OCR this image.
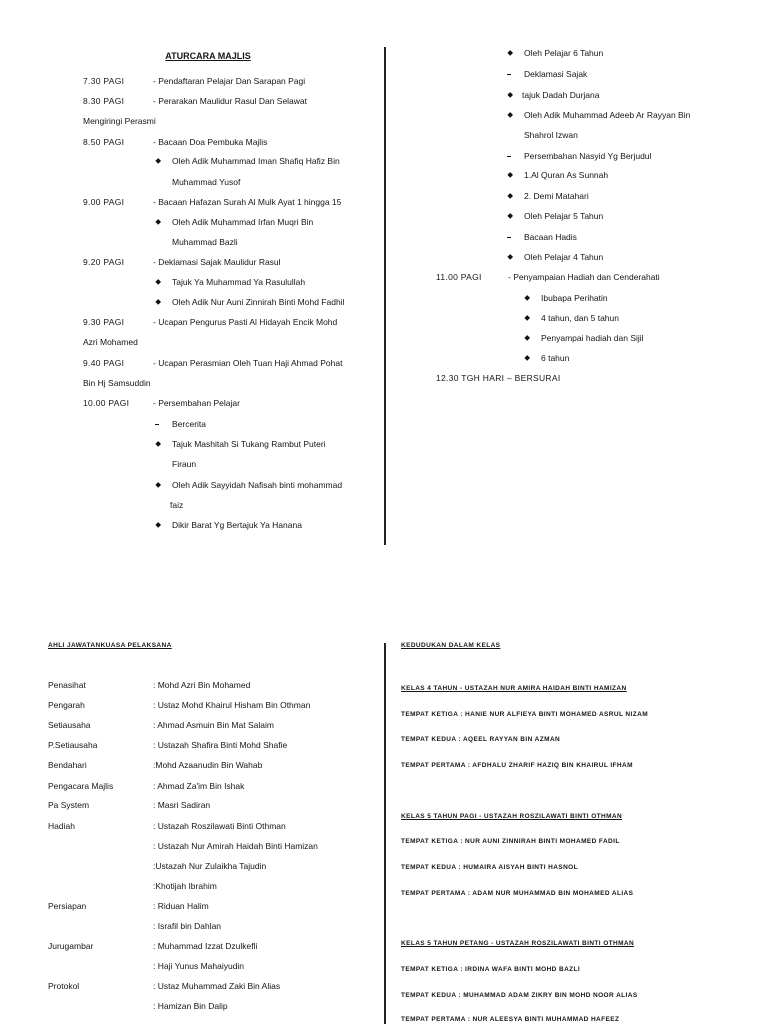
ATURCARA MAJLIS
7.30 PAGI	- Pendaftaran Pelajar Dan Sarapan Pagi
8.30 PAGI	- Perarakan Maulidur Rasul Dan Selawat
Mengiringi Perasmi
8.50 PAGI	- Bacaan Doa Pembuka Majlis
Oleh Adik Muhammad Iman Shafiq Hafiz Bin
Muhammad Yusof
9.00 PAGI	- Bacaan Hafazan Surah Al Mulk Ayat 1 hingga 15
Oleh Adik Muhammad Irfan Muqri Bin
Muhammad Bazli
9.20 PAGI	- Deklamasi Sajak Maulidur Rasul
Tajuk Ya Muhammad Ya Rasulullah
Oleh Adik Nur Auni Zinnirah Binti Mohd Fadhil
9.30 PAGI	- Ucapan Pengurus Pasti Al Hidayah Encik Mohd
Azri Mohamed
9.40 PAGI	- Ucapan Perasmian Oleh Tuan Haji Ahmad Pohat
Bin Hj Samsuddin
10.00 PAGI	- Persembahan Pelajar
Bercerita
Tajuk Mashitah Si Tukang Rambut Puteri
Firaun
Oleh Adik Sayyidah Nafisah binti mohammad
faiz
Dikir Barat Yg Bertajuk Ya Hanana
Oleh Pelajar 6 Tahun
Deklamasi Sajak
tajuk Dadah Durjana
Oleh Adik Muhammad Adeeb Ar Rayyan Bin
Shahrol Izwan
Persembahan Nasyid Yg Berjudul
1.Al Quran As Sunnah
2. Demi Matahari
Oleh Pelajar 5 Tahun
Bacaan Hadis
Oleh Pelajar 4 Tahun
11.00 PAGI	- Penyampaian Hadiah dan Cenderahati
Ibubapa Perihatin
4 tahun, dan 5 tahun
Penyampai hadiah dan Sijil
6 tahun
12.30 TGH HARI – BERSURAI
AHLI JAWATANKUASA PELAKSANA
Penasihat	: Mohd Azri Bin Mohamed
Pengarah	: Ustaz Mohd Khairul Hisham Bin Othman
Setiausaha	: Ahmad Asmuin Bin Mat Salaim
P.Setiausaha	: Ustazah Shafira Binti Mohd Shafie
Bendahari	:Mohd Azaanudin Bin Wahab
Pengacara Majlis	: Ahmad Za'im Bin Ishak
Pa System	: Masri Sadiran
Hadiah	: Ustazah Roszilawati Binti Othman
: Ustazah Nur Amirah Haidah Binti Hamizan
:Ustazah Nur Zulaikha Tajudin
:Khotijah Ibrahim
Persiapan	: Riduan Halim
: Israfil bin Dahlan
Jurugambar	: Muhammad Izzat Dzulkefli
: Haji Yunus Mahaiyudin
Protokol	: Ustaz Muhammad Zaki Bin Alias
: Hamizan Bin Dalip
KEDUDUKAN DALAM KELAS
KELAS 4 TAHUN - USTAZAH NUR AMIRA HAIDAH BINTI HAMIZAN
TEMPAT KETIGA : HANIE NUR ALFIEYA BINTI MOHAMED ASRUL NIZAM
TEMPAT KEDUA : AQEEL RAYYAN BIN AZMAN
TEMPAT PERTAMA : AFDHALU ZHARIF HAZIQ BIN KHAIRUL IFHAM
KELAS 5 TAHUN PAGI - USTAZAH ROSZILAWATI BINTI OTHMAN
TEMPAT KETIGA : NUR AUNI ZINNIRAH BINTI MOHAMED FADIL
TEMPAT KEDUA : HUMAIRA AISYAH BINTI HASNOL
TEMPAT PERTAMA : ADAM NUR MUHAMMAD BIN MOHAMED ALIAS
KELAS 5 TAHUN PETANG - USTAZAH ROSZILAWATI BINTI OTHMAN
TEMPAT KETIGA : IRDINA WAFA BINTI MOHD BAZLI
TEMPAT KEDUA : MUHAMMAD ADAM ZIKRY BIN MOHD NOOR ALIAS
TEMPAT PERTAMA : NUR ALEESYA BINTI MUHAMMAD HAFEEZ
